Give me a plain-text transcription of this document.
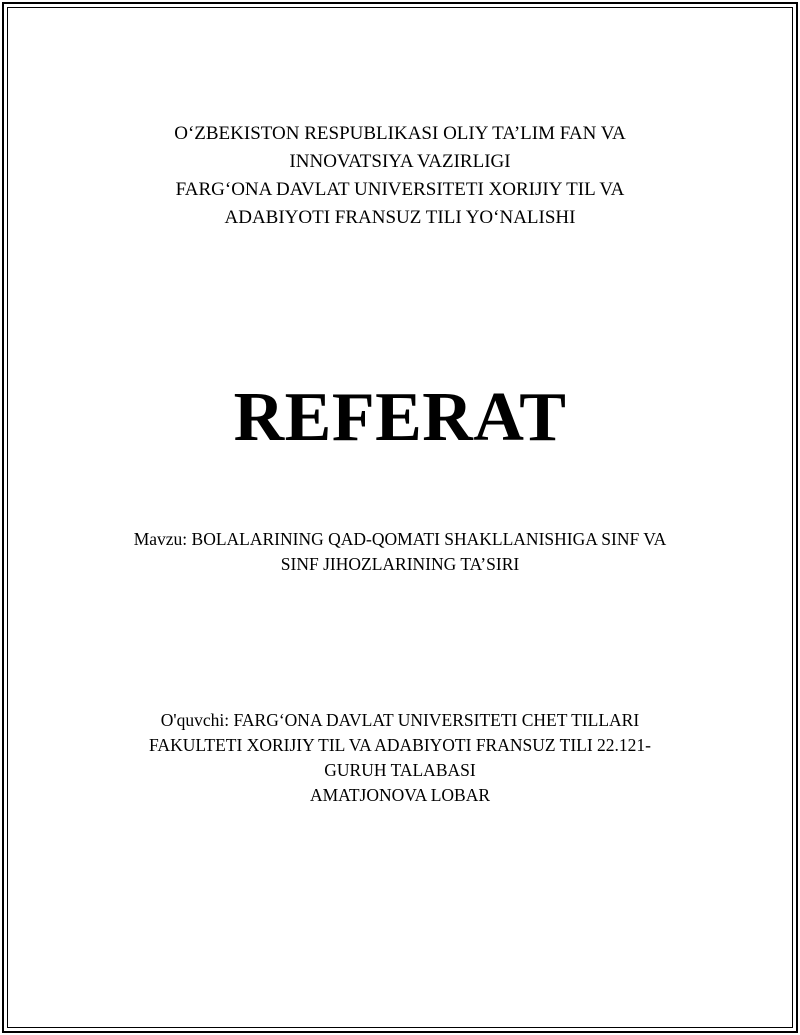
O‘ZBEKISTON RESPUBLIKASI OLIY TA’LIM FAN VA
INNOVATSIYA VAZIRLIGI
FARG‘ONA DAVLAT UNIVERSITETI XORIJIY TIL VA
ADABIYOTI FRANSUZ TILI YO‘NALISHI
REFERAT
Mavzu: BOLALARINING QAD-QOMATI SHAKLLANISHIGA SINF VA
SINF JIHOZLARINING TA’SIRI
O'quvchi: FARG‘ONA DAVLAT UNIVERSITETI CHET TILLARI
FAKULTETI XORIJIY TIL VA ADABIYOTI FRANSUZ TILI 22.121-
GURUH TALABASI
AMATJONOVA LOBAR
